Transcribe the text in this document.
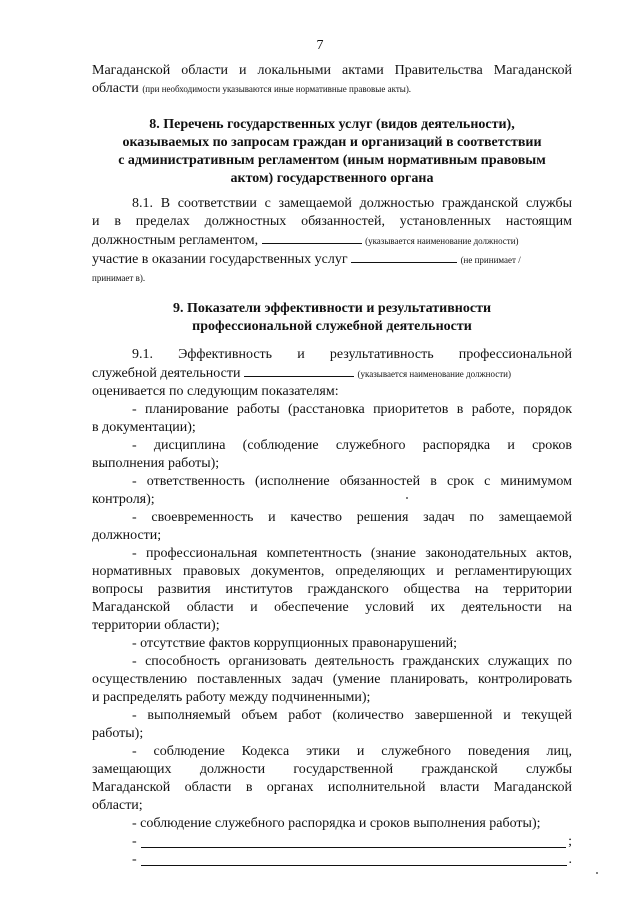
7
Магаданской области и локальными актами Правительства Магаданской
области (при необходимости указываются иные нормативные правовые акты).
8. Перечень государственных услуг (видов деятельности),
оказываемых по запросам граждан и организаций в соответствии
с административным регламентом (иным нормативным правовым
актом) государственного органа
8.1. В соответствии с замещаемой должностью гражданской службы
и в пределах должностных обязанностей, установленных настоящим
должностным регламентом,	(указывается наименование должности)
участие в оказании государственных услуг	(не принимает /
принимает в).
9. Показатели эффективности и результативности
профессиональной служебной деятельности
9.1. Эффективность и результативность профессиональной
служебной деятельности	(указывается наименование должности)
оценивается по следующим показателям:
- планирование работы (расстановка приоритетов в работе, порядок
в документации);
- дисциплина (соблюдение служебного распорядка и сроков
выполнения работы);
- ответственность (исполнение обязанностей в срок с минимумом
контроля);
- своевременность и качество решения задач по замещаемой
должности;
- профессиональная компетентность (знание законодательных актов,
нормативных правовых документов, определяющих и регламентирующих
вопросы развития институтов гражданского общества на территории
Магаданской области и обеспечение условий их деятельности на
территории области);
- отсутствие фактов коррупционных правонарушений;
- способность организовать деятельность гражданских служащих по
осуществлению поставленных задач (умение планировать, контролировать
и распределять работу между подчиненными);
- выполняемый объем работ (количество завершенной и текущей
работы);
- соблюдение Кодекса этики и служебного поведения лиц,
замещающих должности государственной гражданской службы
Магаданской области в органах исполнительной власти Магаданской
области;
- соблюдение служебного распорядка и сроков выполнения работы);
-	;
-	.
